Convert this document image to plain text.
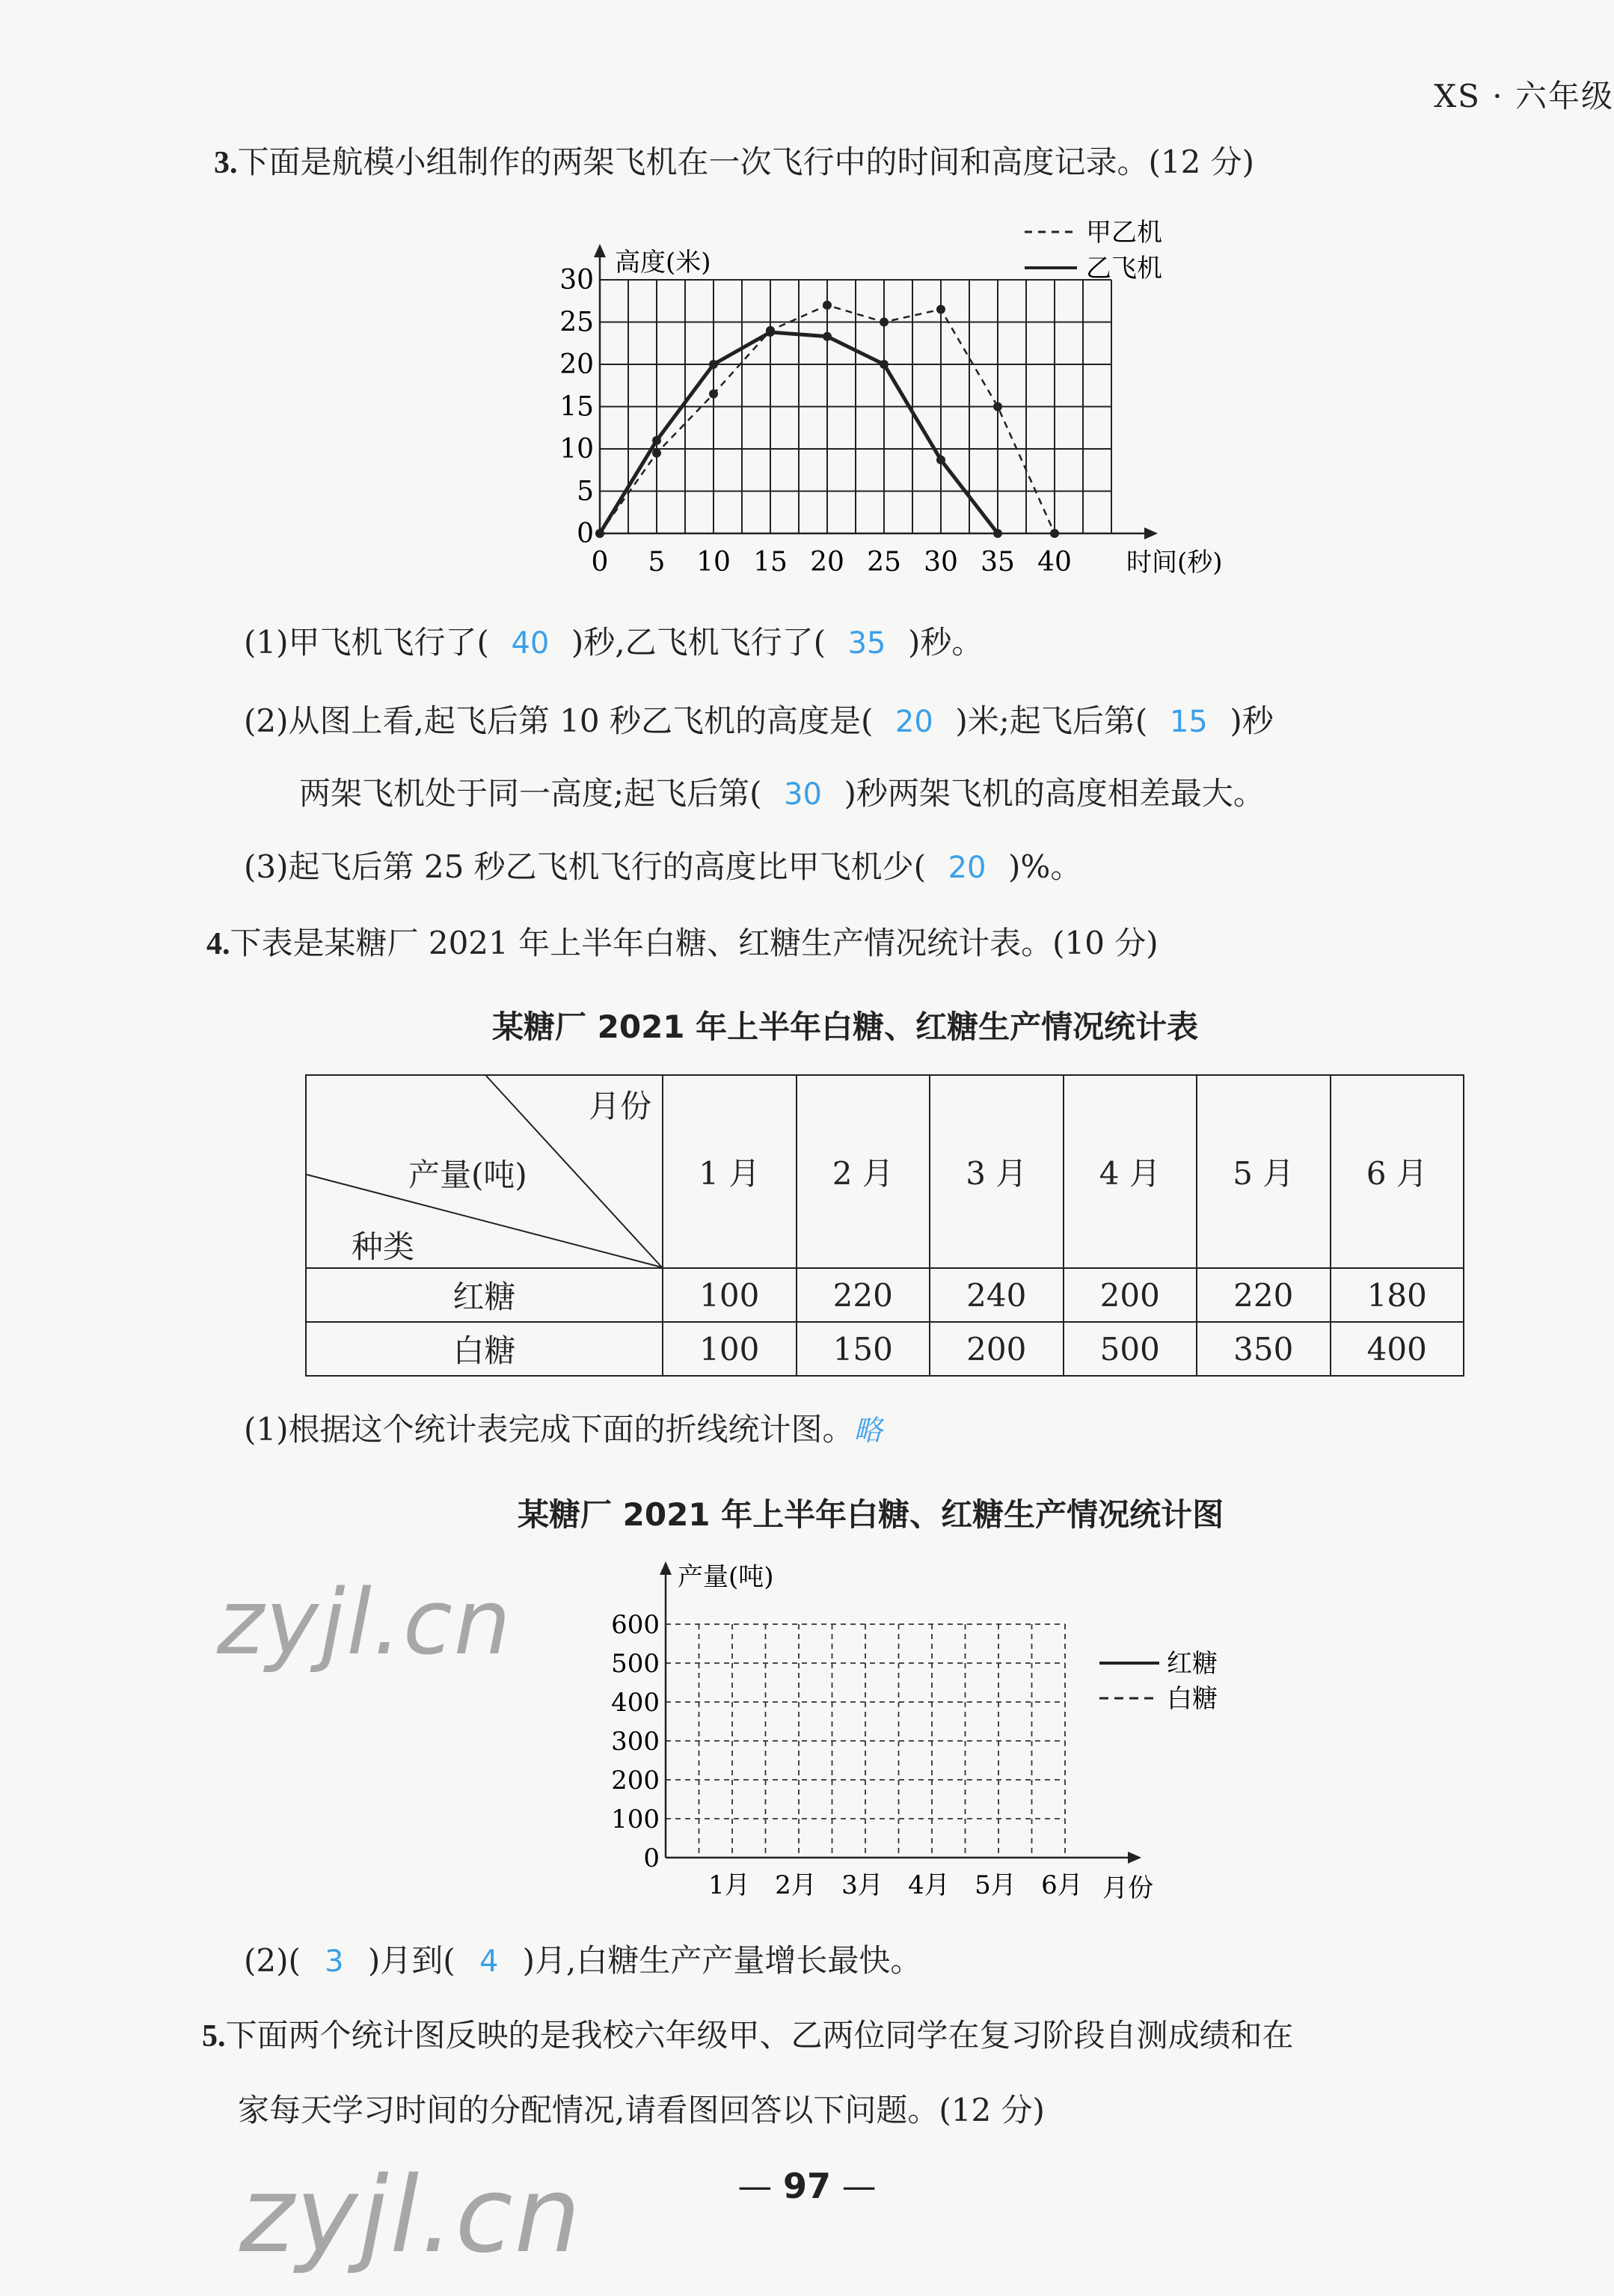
XS · 六年级
3.下面是航模小组制作的两架飞机在一次飞行中的时间和高度记录。(12 分)
0
5
10
15
20
25
30
0 5 10 15 20 25 30 35 40
高度(米)
时间(秒)
甲乙机
乙飞机
(1)甲飞机飞行了( 40 )秒,乙飞机飞行了( 35 )秒。
(2)从图上看,起飞后第 10 秒乙飞机的高度是( 20 )米;起飞后第( 15 )秒
两架飞机处于同一高度;起飞后第( 30 )秒两架飞机的高度相差最大。
(3)起飞后第 25 秒乙飞机飞行的高度比甲飞机少( 20 )%。
4.下表是某糖厂 2021 年上半年白糖、红糖生产情况统计表。(10 分)
某糖厂 2021 年上半年白糖、红糖生产情况统计表
月份
产量(吨)
种类	1 月	2 月	3 月	4 月	5 月	6 月
红糖	100	220	240	200	220	180
白糖	100	150	200	500	350	400
(1)根据这个统计表完成下面的折线统计图。略
某糖厂 2021 年上半年白糖、红糖生产情况统计图
0
100
200
300
400
500
600
1月 2月 3月 4月 5月 6月
产量(吨)
月份
红糖
白糖
(2)( 3 )月到( 4 )月,白糖生产产量增长最快。
5.下面两个统计图反映的是我校六年级甲、乙两位同学在复习阶段自测成绩和在
家每天学习时间的分配情况,请看图回答以下问题。(12 分)
— 97 —
zyjl.cn
zyjl.cn
